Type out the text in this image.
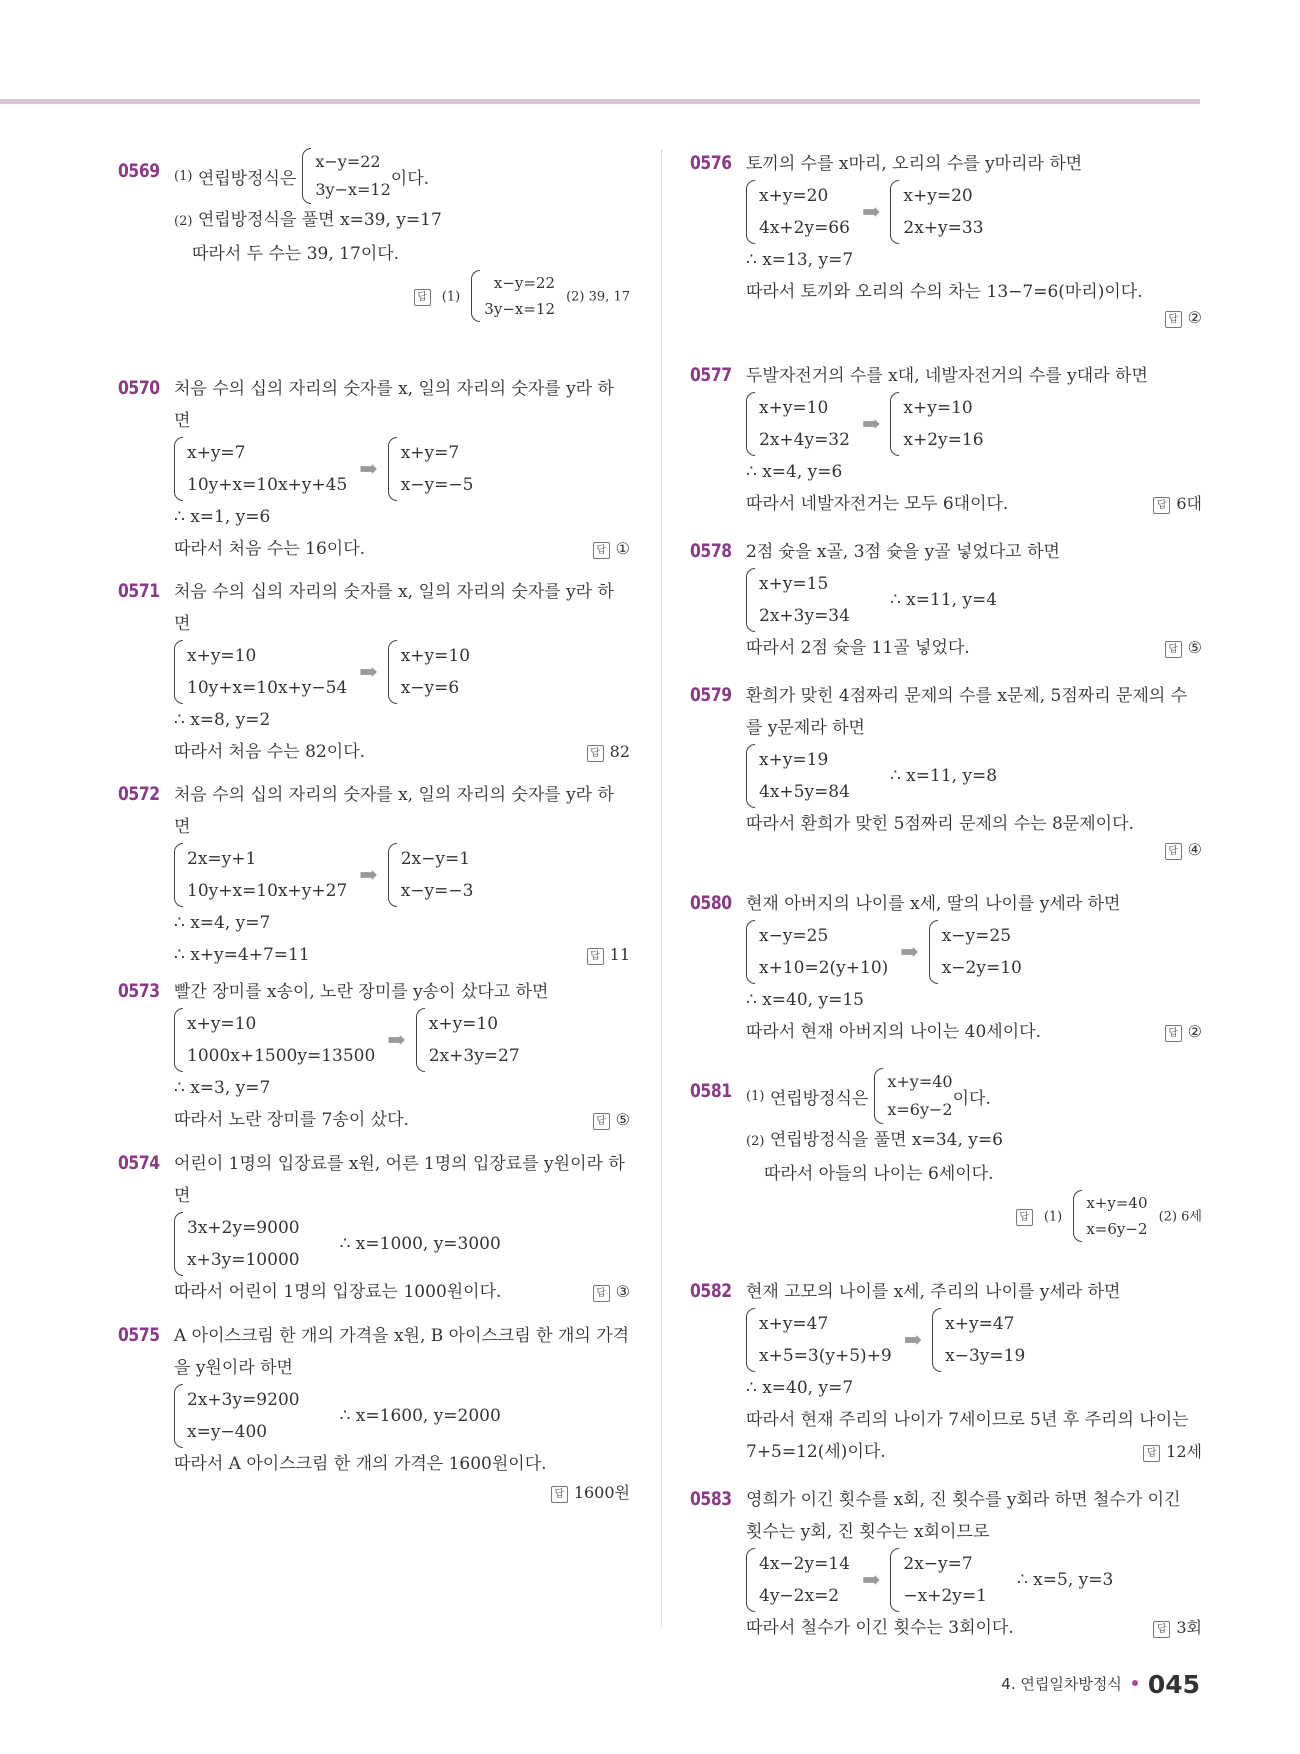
0569 (1)
연립방정식은
x−y=22
3y−x=12
이다.
(2) 연립방정식을 풀면 x=39, y=17
따라서 두 수는 39, 17이다.
답 (1)
x−y=22
3y−x=12
(2) 39, 17
0570 처음 수의 십의 자리의 숫자를 x, 일의 자리의 숫자를 y라 하면
x+y=7
10y+x=10x+y+45
➡
x+y=7
x−y=−5
∴ x=1, y=6
따라서 처음 수는 16이다.	답 ①
0571 처음 수의 십의 자리의 숫자를 x, 일의 자리의 숫자를 y라 하면
x+y=10
10y+x=10x+y−54
➡
x+y=10
x−y=6
∴ x=8, y=2
따라서 처음 수는 82이다.	답 82
0572 처음 수의 십의 자리의 숫자를 x, 일의 자리의 숫자를 y라 하면
2x=y+1
10y+x=10x+y+27
➡
2x−y=1
x−y=−3
∴ x=4, y=7
∴ x+y=4+7=11	답 11
0573 빨간 장미를 x송이, 노란 장미를 y송이 샀다고 하면
x+y=10
1000x+1500y=13500
➡
x+y=10
2x+3y=27
∴ x=3, y=7
따라서 노란 장미를 7송이 샀다.	답 ⑤
0574 어린이 1명의 입장료를 x원, 어른 1명의 입장료를 y원이라 하면
3x+2y=9000
x+3y=10000
∴ x=1000, y=3000
따라서 어린이 1명의 입장료는 1000원이다.	답 ③
0575 A 아이스크림 한 개의 가격을 x원, B 아이스크림 한 개의 가격을 y원이라 하면
2x+3y=9200
x=y−400
∴ x=1600, y=2000
따라서 A 아이스크림 한 개의 가격은 1600원이다.
답 1600원
0576 토끼의 수를 x마리, 오리의 수를 y마리라 하면
x+y=20
4x+2y=66
➡
x+y=20
2x+y=33
∴ x=13, y=7
따라서 토끼와 오리의 수의 차는 13−7=6(마리)이다.
답 ②
0577 두발자전거의 수를 x대, 네발자전거의 수를 y대라 하면
x+y=10
2x+4y=32
➡
x+y=10
x+2y=16
∴ x=4, y=6
따라서 네발자전거는 모두 6대이다.	답 6대
0578 2점 슛을 x골, 3점 슛을 y골 넣었다고 하면
x+y=15
2x+3y=34
∴ x=11, y=4
따라서 2점 슛을 11골 넣었다.	답 ⑤
0579 환희가 맞힌 4점짜리 문제의 수를 x문제, 5점짜리 문제의 수를 y문제라 하면
x+y=19
4x+5y=84
∴ x=11, y=8
따라서 환희가 맞힌 5점짜리 문제의 수는 8문제이다.
답 ④
0580 현재 아버지의 나이를 x세, 딸의 나이를 y세라 하면
x−y=25
x+10=2(y+10)
➡
x−y=25
x−2y=10
∴ x=40, y=15
따라서 현재 아버지의 나이는 40세이다.	답 ②
0581 (1)
연립방정식은
x+y=40
x=6y−2
이다.
(2) 연립방정식을 풀면 x=34, y=6
따라서 아들의 나이는 6세이다.
답 (1)
x+y=40
x=6y−2
(2) 6세
0582 현재 고모의 나이를 x세, 주리의 나이를 y세라 하면
x+y=47
x+5=3(y+5)+9
➡
x+y=47
x−3y=19
∴ x=40, y=7
따라서 현재 주리의 나이가 7세이므로 5년 후 주리의 나이는
7+5=12(세)이다.	답 12세
0583 영희가 이긴 횟수를 x회, 진 횟수를 y회라 하면 철수가 이긴 횟수는 y회, 진 횟수는 x회이므로
4x−2y=14
4y−2x=2
➡
2x−y=7
−x+2y=1
∴ x=5, y=3
따라서 철수가 이긴 횟수는 3회이다.	답 3회
4. 연립일차방정식 045
